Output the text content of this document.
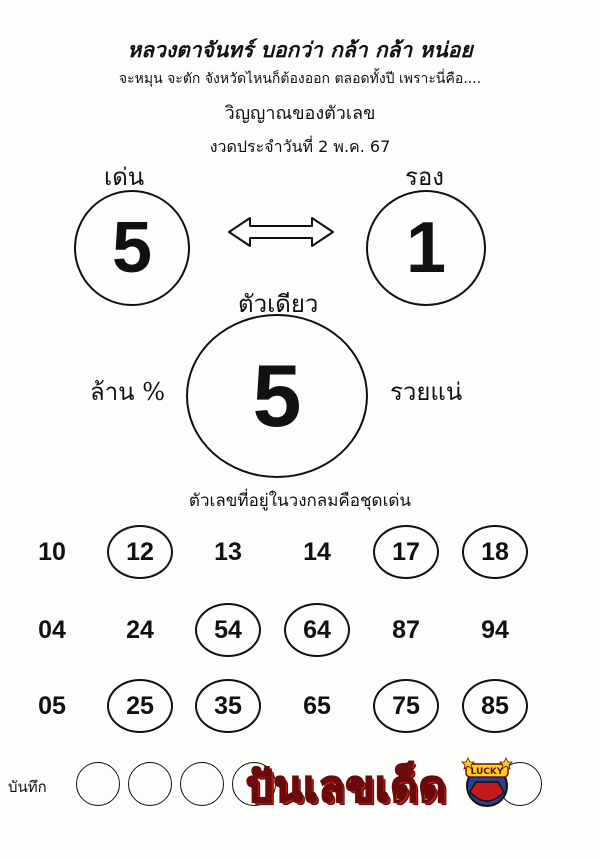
หลวงตาจันทร์ บอกว่า กล้า กล้า หน่อย
จะหมุน จะตัก จังหวัดไหนก็ต้องออก ตลอดทั้งปี เพราะนี่คือ....
วิญญาณของตัวเลข
งวดประจำวันที่ 2 พ.ค. 67
เด่น	รอง
5	1
ตัวเดียว
ล้าน % 5	รวยแน่
ตัวเลขที่อยู่ในวงกลมคือชุดเด่น
10	12	13	14	17	18
04	24	54	64	87	94
05	25	35	65	75	85
บันทึก	ปันเลขเด็ด	LUCKY
